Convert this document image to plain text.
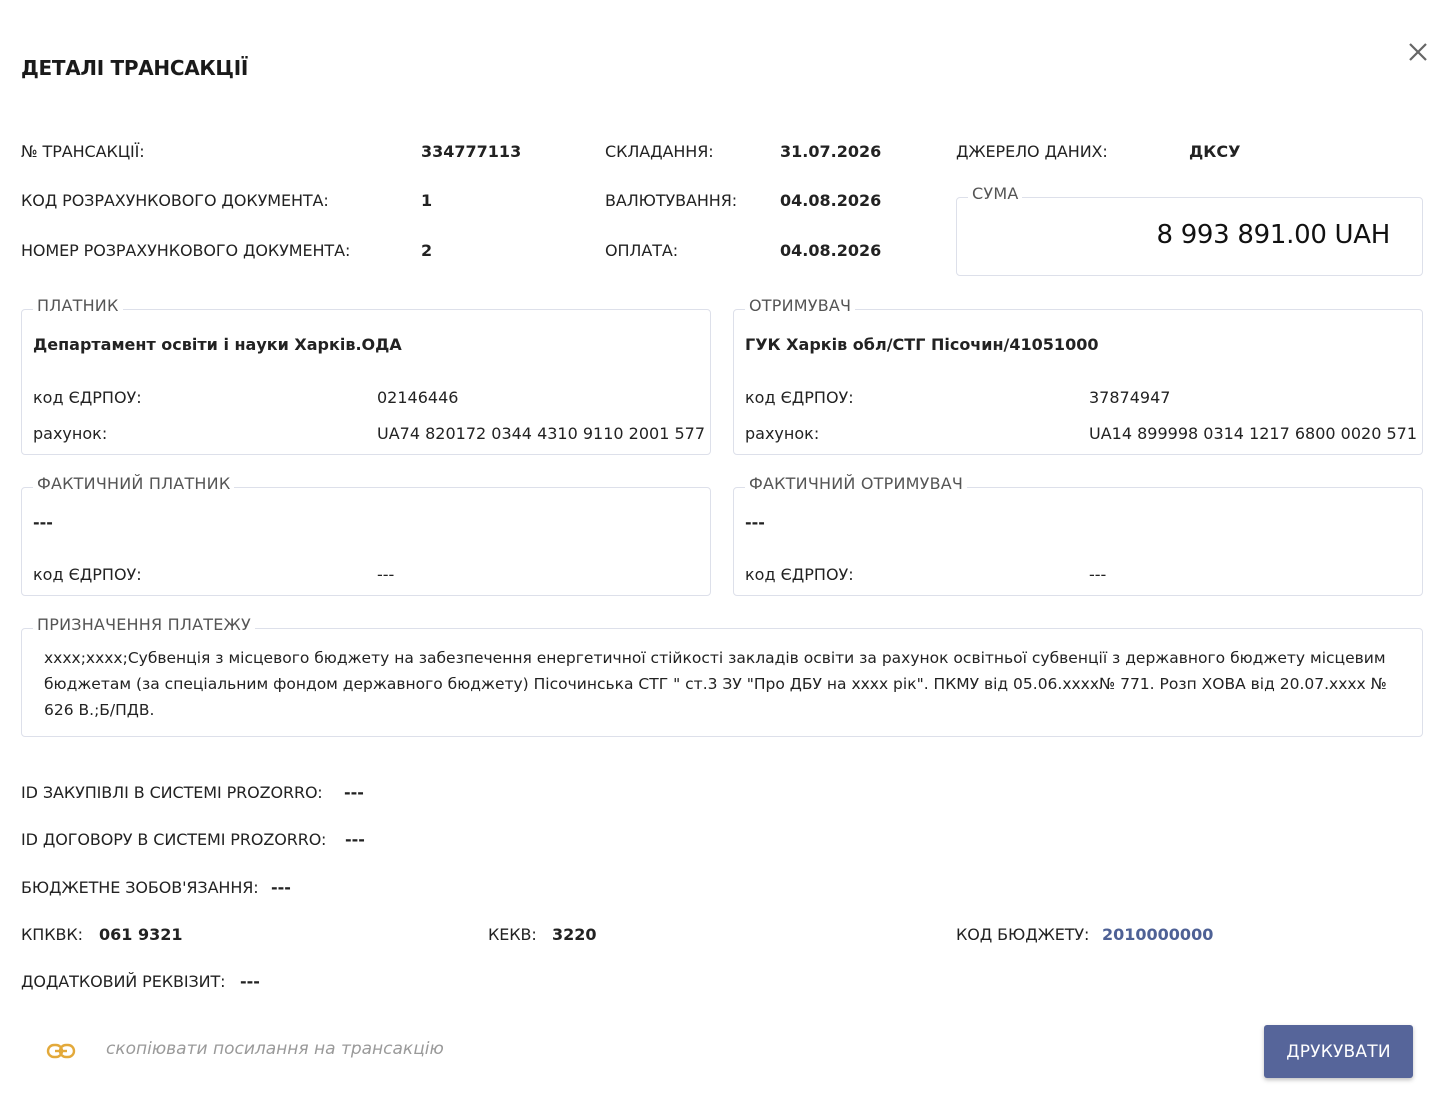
ДЕТАЛІ ТРАНСАКЦІЇ
№ ТРАНСАКЦІЇ:	334777113
КОД РОЗРАХУНКОВОГО ДОКУМЕНТА:	1
НОМЕР РОЗРАХУНКОВОГО ДОКУМЕНТА:	2
СКЛАДАННЯ:	31.07.2026
ВАЛЮТУВАННЯ:	04.08.2026
ОПЛАТА:	04.08.2026
ДЖЕРЕЛО ДАНИХ:	ДКСУ
СУМА
8 993 891.00 UAH
ПЛАТНИК
Департамент освіти і науки Харків.ОДА
код ЄДРПОУ:	02146446
рахунок:	UA74 820172 0344 4310 9110 2001 577
ОТРИМУВАЧ
ГУК Харків обл/СТГ Пісочин/41051000
код ЄДРПОУ:	37874947
рахунок:	UA14 899998 0314 1217 6800 0020 571
ФАКТИЧНИЙ ПЛАТНИК
---
код ЄДРПОУ:	---
ФАКТИЧНИЙ ОТРИМУВАЧ
---
код ЄДРПОУ:	---
ПРИЗНАЧЕННЯ ПЛАТЕЖУ
xxxx;xxxx;Субвенція з місцевого бюджету на забезпечення енергетичної стійкості закладів освіти за рахунок освітньої субвенції з державного бюджету місцевим бюджетам (за спеціальним фондом державного бюджету) Пісочинська СТГ " ст.3 ЗУ "Про ДБУ на xxxx рік". ПКМУ від 05.06.xxxx№ 771. Розп ХОВА від 20.07.xxxx № 626 В.;Б/ПДВ.
ID ЗАКУПІВЛІ В СИСТЕМІ PROZORRO: ---
ID ДОГОВОРУ В СИСТЕМІ PROZORRO: ---
БЮДЖЕТНЕ ЗОБОВ'ЯЗАННЯ: ---
КПКВК: 061 9321	КЕКВ: 3220	КОД БЮДЖЕТУ: 2010000000
ДОДАТКОВИЙ РЕКВІЗИТ: ---
скопіювати посилання на трансакцію	ДРУКУВАТИ
